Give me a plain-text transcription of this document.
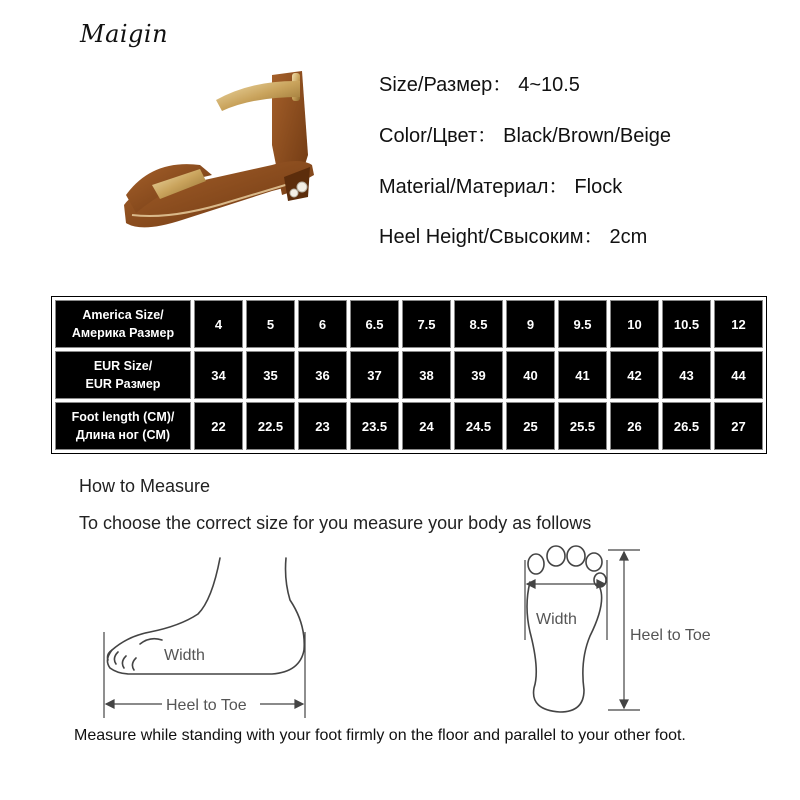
Maigin
Size/Размер： 4~10.5
Color/Цвет： Black/Brown/Beige
Material/Материал： Flock
Heel Height/Свысоким： 2cm
America Size/
Америка Размер	4	5	6	6.5	7.5	8.5	9	9.5	10	10.5	12

EUR Size/
EUR Размер	34	35	36	37	38	39	40	41	42	43	44

Foot length (CM)/
Длина ног (CM)	22	22.5	23	23.5	24	24.5	25	25.5	26	26.5	27
How to Measure
To choose the correct size for you measure your body as follows
Width
Heel to Toe
Width
Heel to Toe
Measure while standing with your foot firmly on the floor and parallel to your other foot.
